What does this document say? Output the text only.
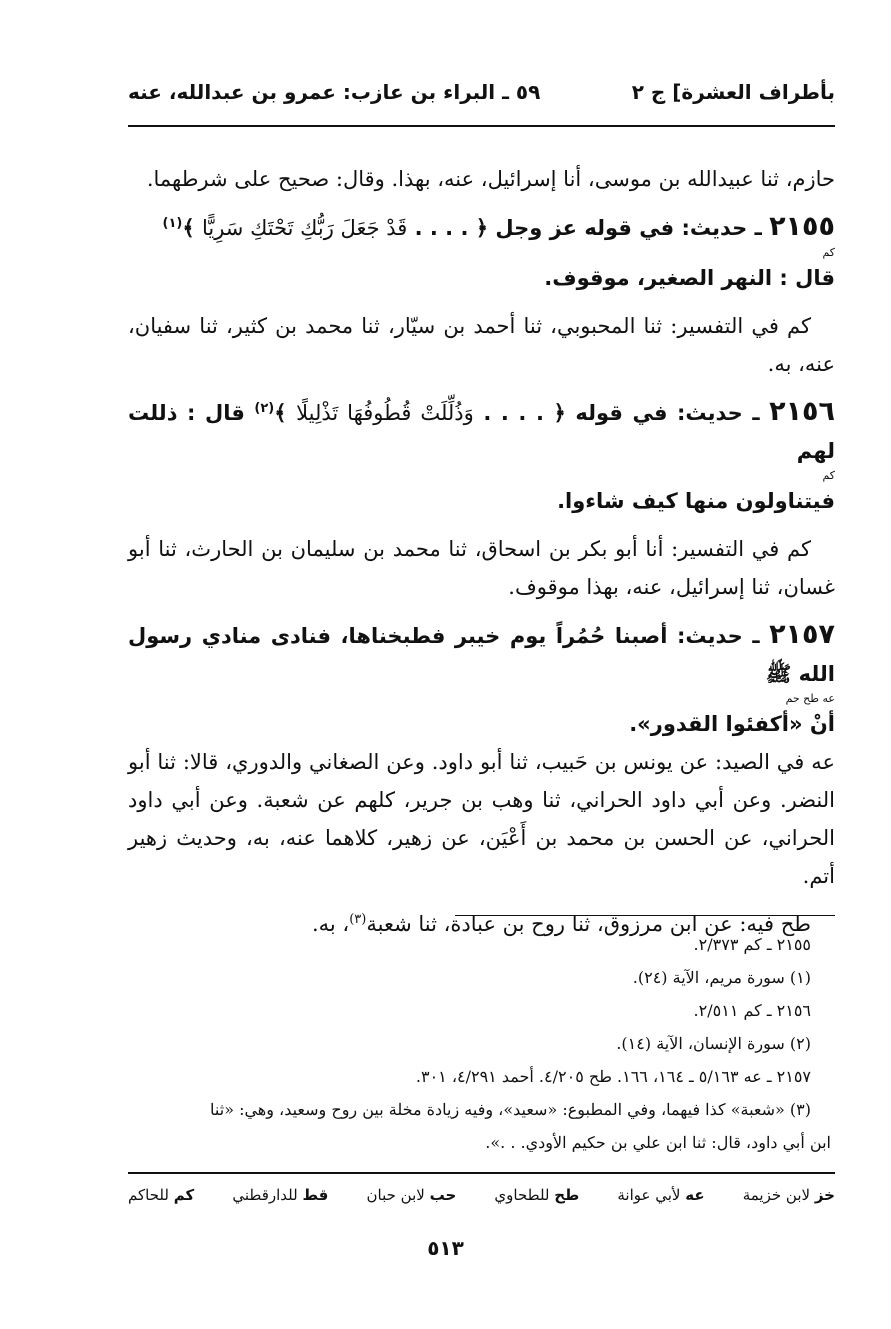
بأطراف العشرة] ج ٢
٥٩ ـ البراء بن عازب: عمرو بن عبدالله، عنه

حازم، ثنا عبيدالله بن موسى، أنا إسرائيل، عنه، بهذا. وقال: صحيح على شرطهما.

٢١٥٥ ـ حديث: في قوله عز وجل ﴿ . . . . قَدْ جَعَلَ رَبُّكِ تَحْتَكِ سَرِيًّا ﴾$^{(١)}$
كم
قال : النهر الصغير، موقوف.

كم في التفسير: ثنا المحبوبي، ثنا أحمد بن سيّار، ثنا محمد بن كثير، ثنا سفيان، عنه، به.

٢١٥٦ ـ حديث: في قوله ﴿ . . . . وَذُلِّلَتْ قُطُوفُهَا تَذْلِيلًا ﴾$^{(٢)}$ قال : ذللت لهم
كم
فيتناولون منها كيف شاءوا.

كم في التفسير: أنا أبو بكر بن اسحاق، ثنا محمد بن سليمان بن الحارث، ثنا أبو غسان، ثنا إسرائيل، عنه، بهذا موقوف.

٢١٥٧ ـ حديث: أصبنا حُمُراً يوم خيبر فطبخناها، فنادى منادي رسول الله ﷺ
عه طح حم
أنْ «أكفئوا القدور».

عه في الصيد: عن يونس بن حَبيب، ثنا أبو داود. وعن الصغاني والدوري، قالا: ثنا أبو النضر. وعن أبي داود الحراني، ثنا وهب بن جرير، كلهم عن شعبة. وعن أبي داود الحراني، عن الحسن بن محمد بن أَعْيَن، عن زهير، كلاهما عنه، به، وحديث زهير أتم.

طح فيه: عن ابن مرزوق، ثنا روح بن عبادة، ثنا شعبة$^{(٣)}$، به.

٢١٥٥ ـ كم ٢/٣٧٣.

(١) سورة مريم، الآية (٢٤).

٢١٥٦ ـ كم ٢/٥١١.

(٢) سورة الإنسان، الآية (١٤).

٢١٥٧ ـ عه ٥/١٦٣ ـ ١٦٤، ١٦٦. طح ٤/٢٠٥. أحمد ٤/٢٩١، ٣٠١.

(٣) «شعبة» كذا فيهما، وفي المطبوع: «سعيد»، وفيه زيادة مخلة بين روح وسعيد، وهي: «ثنا

ابن أبي داود، قال: ثنا ابن علي بن حكيم الأودي. . .».

خز لابن خزيمة
عه لأبي عوانة
طح للطحاوي
حب لابن حبان
قط للدارقطني
كم للحاكم
٥١٣
